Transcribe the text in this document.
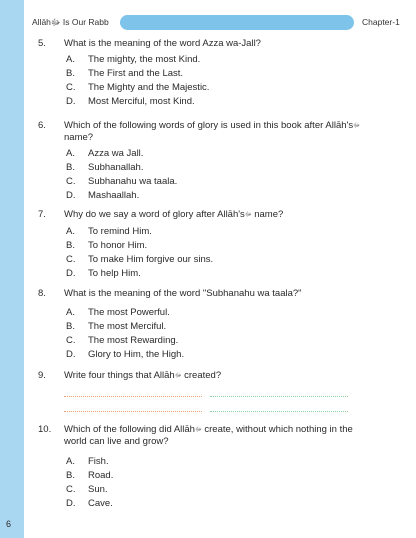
6
Allāhﷻ Is Our Rabb	Chapter-1
5. What is the meaning of the word Azza wa-Jall?
A. The mighty, the most Kind.
B. The First and the Last.
C. The Mighty and the Majestic.
D. Most Merciful, most Kind.
6. Which of the following words of glory is used in this book after Allāh'sﷻ
name?
A. Azza wa Jall.
B. Subhanallah.
C. Subhanahu wa taala.
D. Mashaallah.
7. Why do we say a word of glory after Allāh'sﷻ name?
A. To remind Him.
B. To honor Him.
C. To make Him forgive our sins.
D. To help Him.
8. What is the meaning of the word "Subhanahu wa taala?"
A. The most Powerful.
B. The most Merciful.
C. The most Rewarding.
D. Glory to Him, the High.
9. Write four things that Allāhﷻ created?
10. Which of the following did Allāhﷻ create, without which nothing in the
world can live and grow?
A. Fish.
B. Road.
C. Sun.
D. Cave.
